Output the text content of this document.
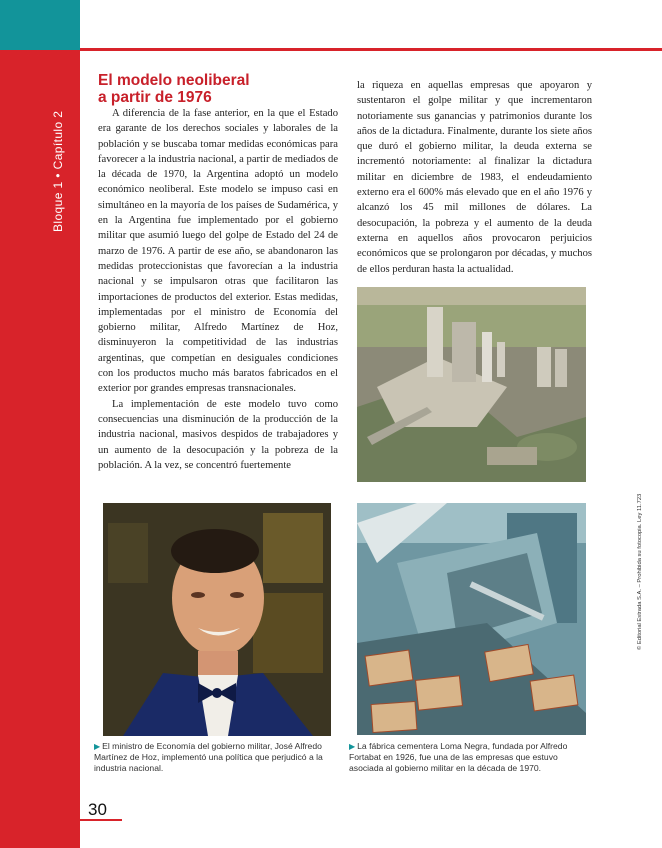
Bloque 1 • Capítulo 2
El modelo neoliberal
a partir de 1976

A diferencia de la fase anterior, en la que el Estado era garante de los derechos sociales y laborales de la población y se buscaba tomar medidas económicas para favorecer a la industria nacional, a partir de mediados de la década de 1970, la Argentina adoptó un modelo económico neoliberal. Este modelo se impuso casi en simultáneo en la mayoría de los países de Sudamérica, y en la Argentina fue implementado por el gobierno militar que asumió luego del golpe de Estado del 24 de marzo de 1976. A partir de ese año, se abandonaron las medidas proteccionistas que favorecían a la industria nacional y se impulsaron otras que facilitaron las importaciones de productos del exterior. Estas medidas, implementadas por el ministro de Economía del gobierno militar, Alfredo Martínez de Hoz, disminuyeron la competitividad de las industrias argentinas, que competían en desiguales condiciones con los productos mucho más baratos fabricados en el exterior por grandes empresas transnacionales.

La implementación de este modelo tuvo como consecuencias una disminución de la producción de la industria nacional, masivos despidos de trabajadores y un aumento de la desocupación y la pobreza de la población. A la vez, se concentró fuertemente

la riqueza en aquellas empresas que apoyaron y sustentaron el golpe militar y que incrementaron notoriamente sus ganancias y patrimonios durante los años de la dictadura. Finalmente, durante los siete años que duró el gobierno militar, la deuda externa se incrementó notoriamente: al finalizar la dictadura militar en diciembre de 1983, el endeudamiento externo era el 600% más elevado que en el año 1976 y alcanzó los 45 mil millones de dólares. La desocupación, la pobreza y el aumento de la deuda externa en aquellos años provocaron perjuicios económicos que se prolongaron por décadas, y muchos de ellos perduran hasta la actualidad.

▶ El ministro de Economía del gobierno militar, José Alfredo Martínez de Hoz, implementó una política que perjudicó a la industria nacional.
▶ La fábrica cementera Loma Negra, fundada por Alfredo Fortabat en 1926, fue una de las empresas que estuvo asociada al gobierno militar en la década de 1970.
© Editorial Estrada S.A. – Prohibida su fotocopia. Ley 11.723
30
